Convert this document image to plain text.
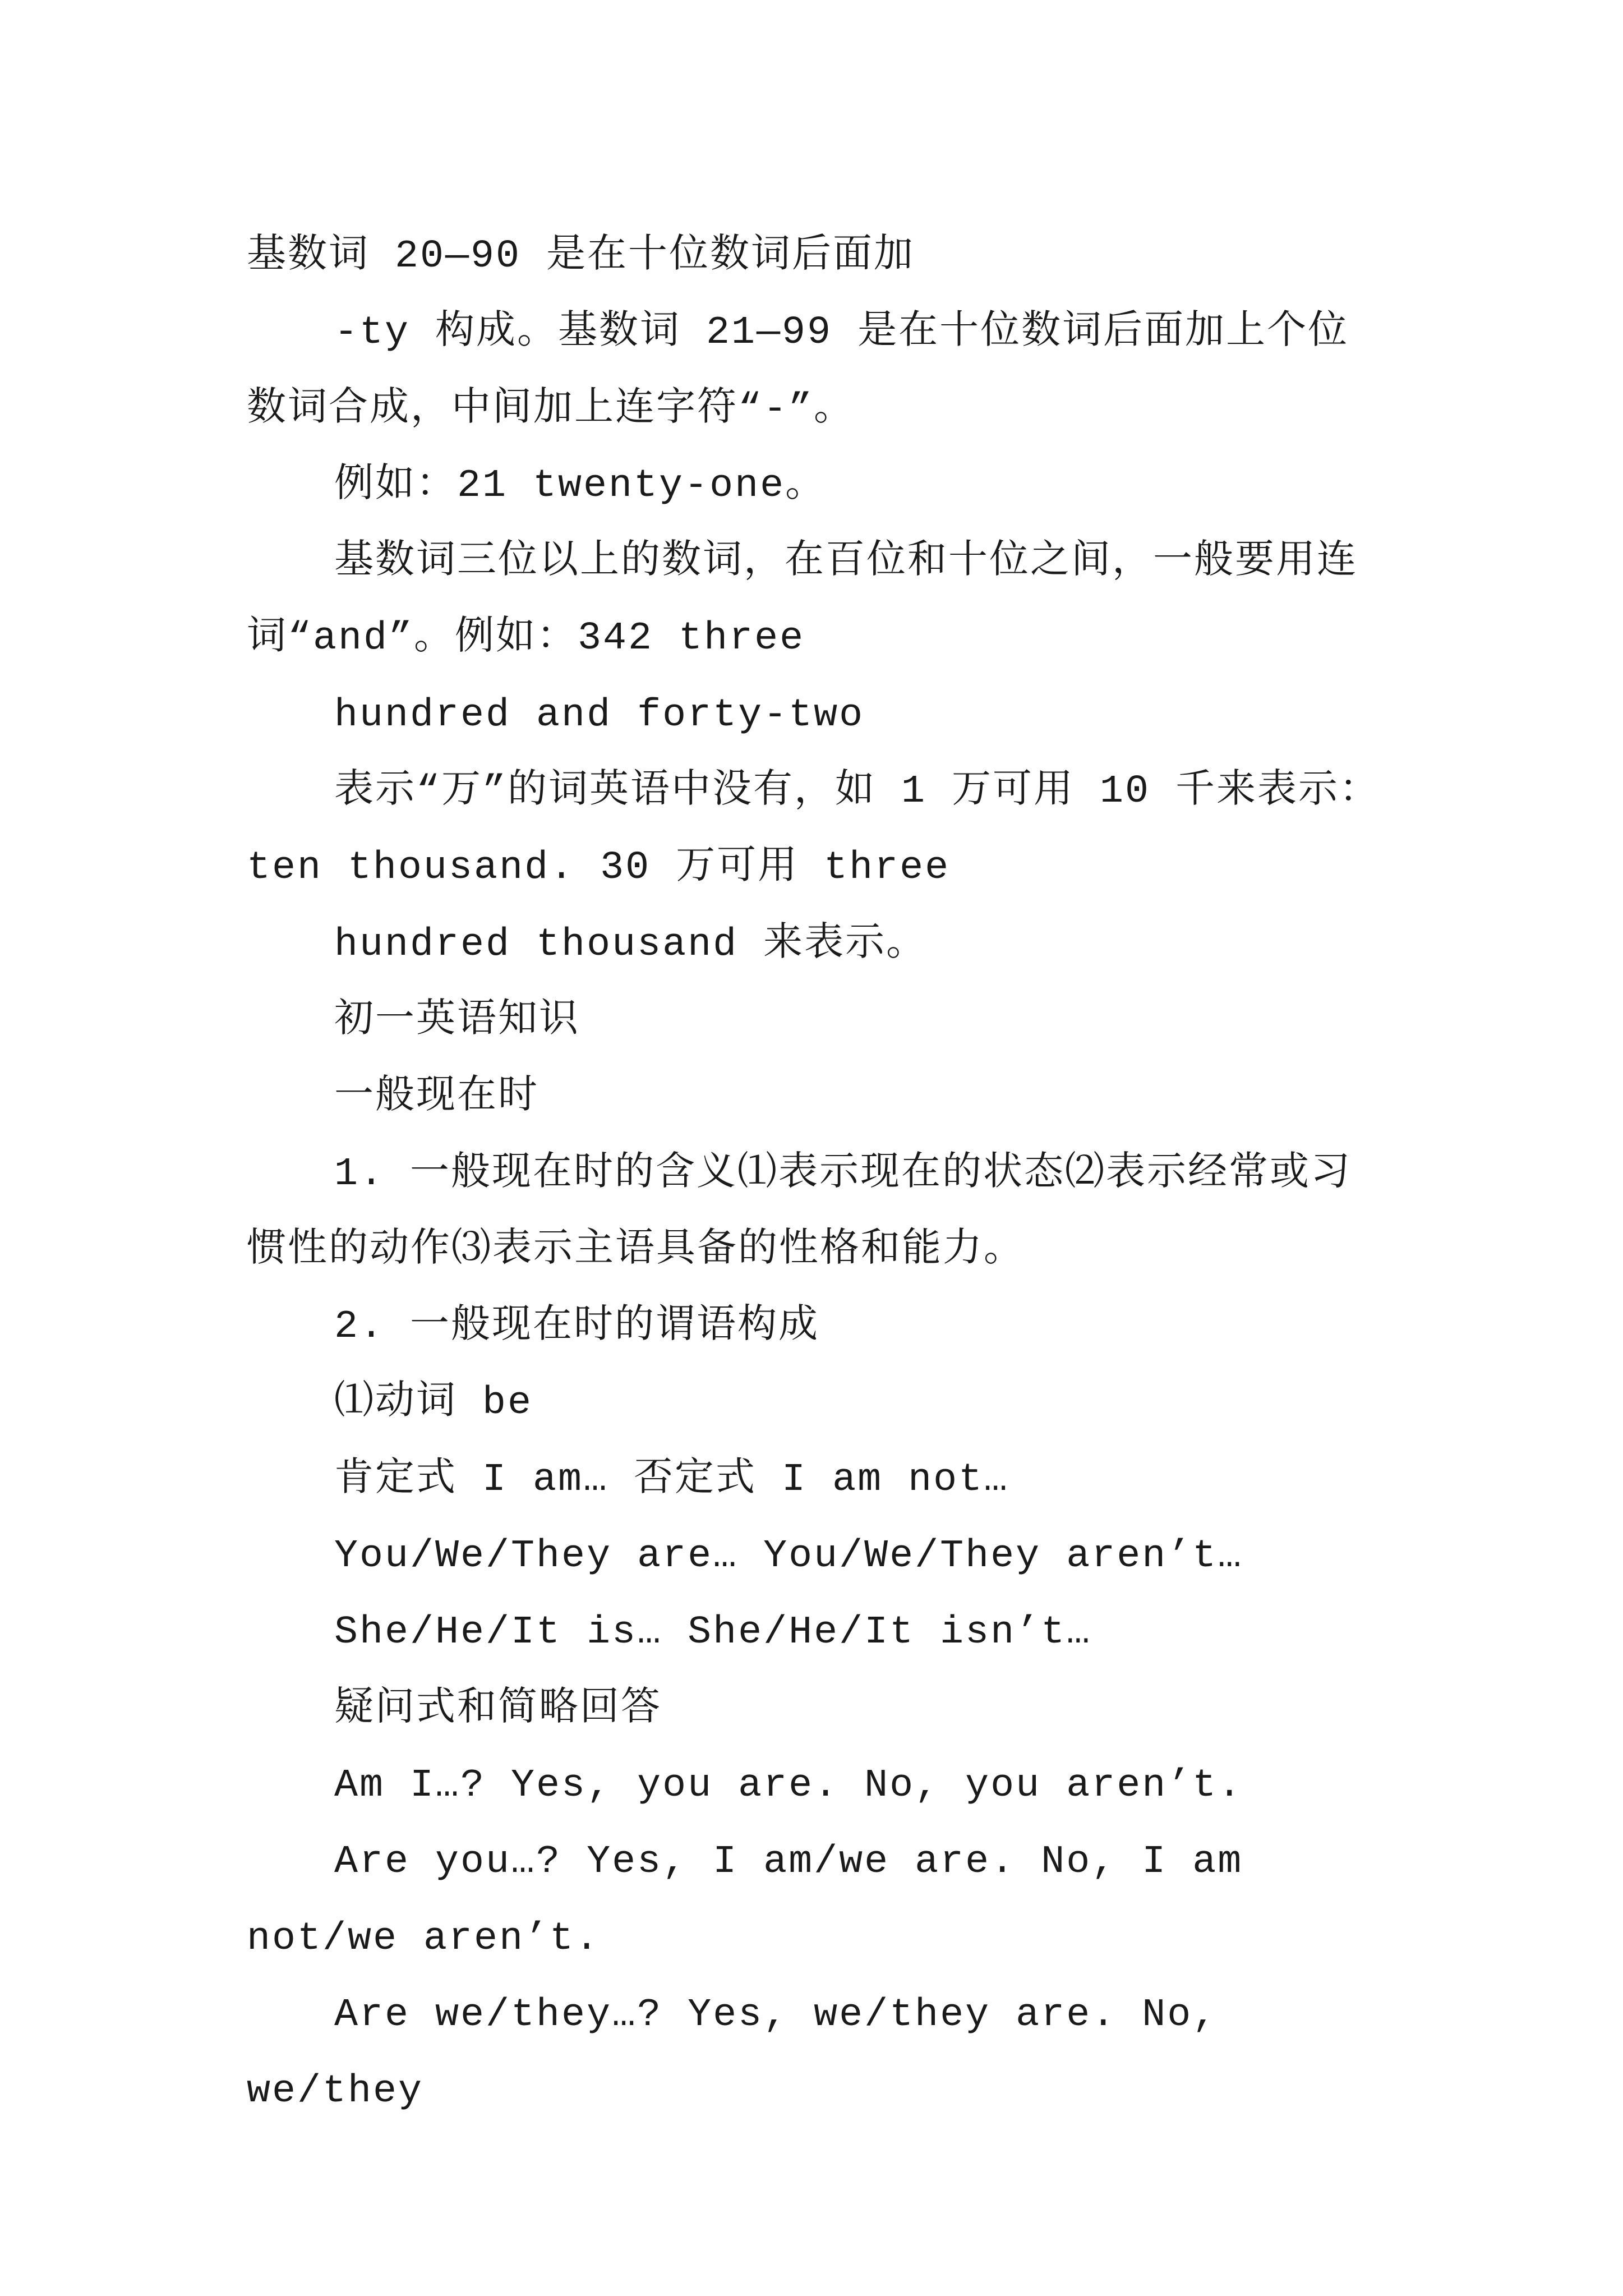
基数词 20—90 是在十位数词后面加

-ty 构成。基数词 21—99 是在十位数词后面加上个位数词合成，中间加上连字符“-”。

例如：21 twenty-one。

基数词三位以上的数词，在百位和十位之间，一般要用连词“and”。例如：342 three

hundred and forty-two

表示“万”的词英语中没有，如 1 万可用 10 千来表示：ten thousand. 30 万可用 three

hundred thousand 来表示。

初一英语知识

一般现在时

1. 一般现在时的含义⑴表示现在的状态⑵表示经常或习惯性的动作⑶表示主语具备的性格和能力。

2. 一般现在时的谓语构成

⑴动词 be

肯定式 I am… 否定式 I am not…

You/We/They are… You/We/They aren’t…

She/He/It is… She/He/It isn’t…

疑问式和简略回答

Am I…? Yes, you are. No, you aren’t.

Are you…? Yes, I am/we are. No, I am not/we aren’t.

Are we/they…? Yes, we/they are. No, we/they
